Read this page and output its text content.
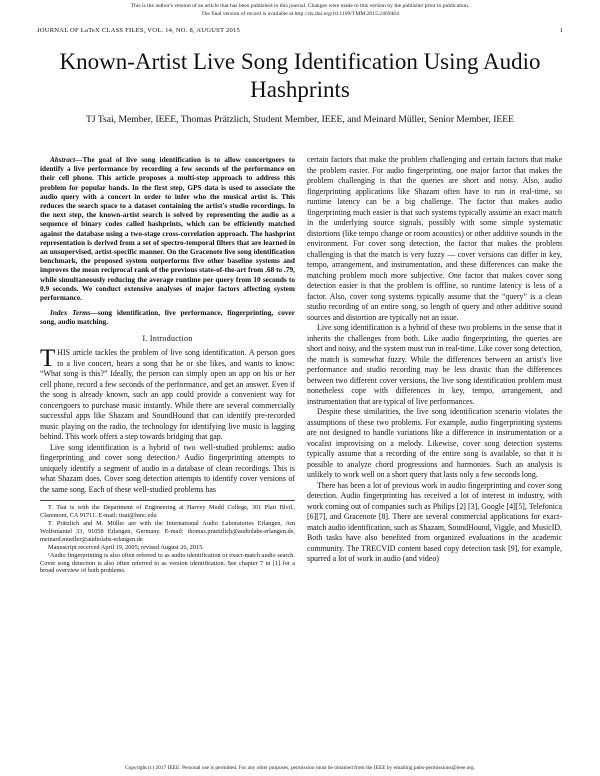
This is the author's version of an article that has been published in this journal. Changes were made to this version by the publisher prior to publication.
The final version of record is available at http://dx.doi.org/10.1109/TMM.2015.2469464
JOURNAL OF LaTeX CLASS FILES, VOL. 14, NO. 8, AUGUST 2015	1
Known-Artist Live Song Identification Using Audio Hashprints
TJ Tsai, Member, IEEE, Thomas Prätzlich, Student Member, IEEE, and Meinard Müller, Senior Member, IEEE

Abstract—The goal of live song identification is to allow concertgoers to identify a live performance by recording a few seconds of the performance on their cell phone. This article proposes a multi-step approach to address this problem for popular bands. In the first step, GPS data is used to associate the audio query with a concert in order to infer who the musical artist is. This reduces the search space to a dataset containing the artist's studio recordings. In the next step, the known-artist search is solved by representing the audio as a sequence of binary codes called hashprints, which can be efficiently matched against the database using a two-stage cross-correlation approach. The hashprint representation is derived from a set of spectro-temporal filters that are learned in an unsupervised, artist-specific manner. On the Gracenote live song identification benchmark, the proposed system outperforms five other baseline systems and improves the mean reciprocal rank of the previous state-of-the-art from .68 to .79, while simultaneously reducing the average runtime per query from 10 seconds to 0.9 seconds. We conduct extensive analyses of major factors affecting system performance.

Index Terms—song identification, live performance, fingerprinting, cover song, audio matching.

I. Introduction

THIS article tackles the problem of live song identification. A person goes to a live concert, hears a song that he or she likes, and wants to know: “What song is this?” Ideally, the person can simply open an app on his or her cell phone, record a few seconds of the performance, and get an answer. Even if the song is already known, such an app could provide a convenient way for concertgoers to purchase music instantly. While there are several commercially successful apps like Shazam and SoundHound that can identify pre-recorded music playing on the radio, the technology for identifying live music is lagging behind. This work offers a step towards bridging that gap.

Live song identification is a hybrid of two well-studied problems: audio fingerprinting and cover song detection.¹ Audio fingerprinting attempts to uniquely identify a segment of audio in a database of clean recordings. This is what Shazam does. Cover song detection attempts to identify cover versions of the same song. Each of these well-studied problems has

T. Tsai is with the Department of Engineering at Harvey Mudd College, 301 Platt Blvd., Claremont, CA 91711. E-mail: ttsai@hmc.edu

T. Prätzlich and M. Müller are with the International Audio Laboratories Erlangen, Am Wolfsmantel 33, 91058 Erlangen, Germany. E-mail: thomas.praetzlich@audiolabs-erlangen.de, meinard.mueller@audiolabs-erlangen.de

Manuscript received April 19, 2005; revised August 26, 2015.

¹Audio fingerprinting is also often referred to as audio identification or exact-match audio search. Cover song detection is also often referred to as version identification. See chapter 7 in [1] for a broad overview of both problems.

certain factors that make the problem challenging and certain factors that make the problem easier. For audio fingerprinting, one major factor that makes the problem challenging is that the queries are short and noisy. Also, audio fingerprinting applications like Shazam often have to run in real-time, so runtime latency can be a big challenge. The factor that makes audio fingerprinting much easier is that such systems typically assume an exact match in the underlying source signals, possibly with some simple systematic distortions (like tempo change or room acoustics) or other additive sounds in the environment. For cover song detection, the factor that makes the problem challenging is that the match is very fuzzy — cover versions can differ in key, tempo, arrangement, and instrumentation, and these differences can make the matching problem much more subjective. One factor that makes cover song detection easier is that the problem is offline, so runtime latency is less of a factor. Also, cover song systems typically assume that the “query” is a clean studio recording of an entire song, so length of query and other additive sound sources and distortion are typically not an issue.

Live song identification is a hybrid of these two problems in the sense that it inherits the challenges from both. Like audio fingerprinting, the queries are short and noisy, and the system must run in real-time. Like cover song detection, the match is somewhat fuzzy. While the differences between an artist's live performance and studio recording may be less drastic than the differences between two different cover versions, the live song identification problem must nonetheless cope with differences in key, tempo, arrangement, and instrumentation that are typical of live performances.

Despite these similarities, the live song identification scenario violates the assumptions of these two problems. For example, audio fingerprinting systems are not designed to handle variations like a difference in instrumentation or a vocalist improvising on a melody. Likewise, cover song detection systems typically assume that a recording of the entire song is available, so that it is possible to analyze chord progressions and harmonies. Such an analysis is unlikely to work well on a short query that lasts only a few seconds long.

There has been a lot of previous work in audio fingerprinting and cover song detection. Audio fingerprinting has received a lot of interest in industry, with work coming out of companies such as Philips [2] [3], Google [4][5], Telefonica [6][7], and Gracenote [8]. There are several commercial applications for exact-match audio identification, such as Shazam, SoundHound, Viggle, and MusicID. Both tasks have also benefited from organized evaluations in the academic community. The TRECVID content based copy detection task [9], for example, spurred a lot of work in audio (and video)

Copyright (c) 2017 IEEE. Personal use is permitted. For any other purposes, permission must be obtained from the IEEE by emailing pubs-permissions@ieee.org.
